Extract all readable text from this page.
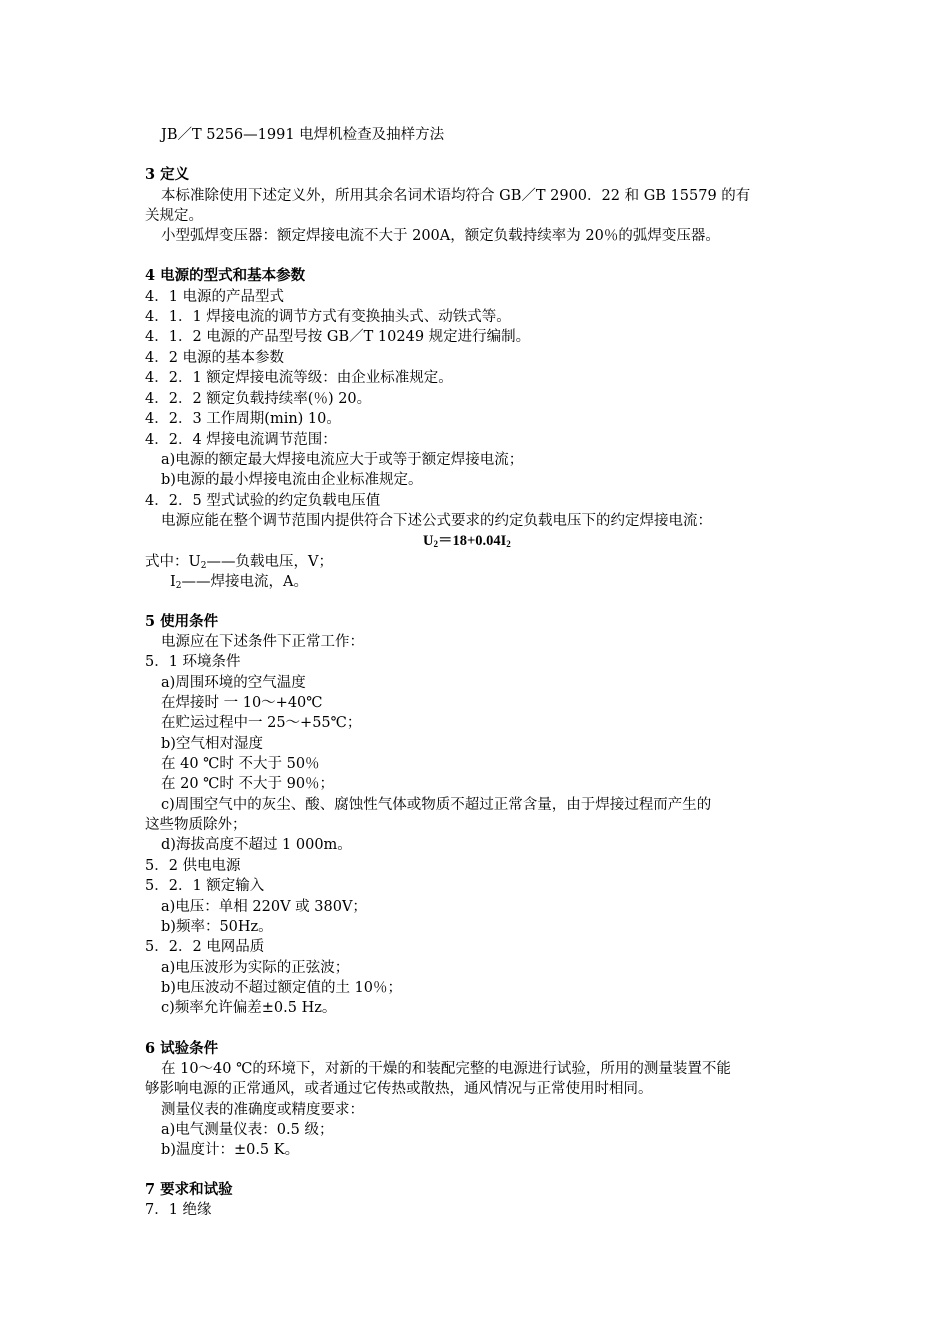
JB／T 5256—1991 电焊机检查及抽样方法
3 定义
本标准除使用下述定义外，所用其余名词术语均符合 GB／T 2900．22 和 GB 15579 的有
关规定。
小型弧焊变压器：额定焊接电流不大于 200A，额定负载持续率为 20％的弧焊变压器。
4 电源的型式和基本参数
4．1 电源的产品型式
4．1．1 焊接电流的调节方式有变换抽头式、动铁式等。
4．1．2 电源的产品型号按 GB／T 10249 规定进行编制。
4．2 电源的基本参数
4．2．1 额定焊接电流等级：由企业标准规定。
4．2．2 额定负载持续率(％) 20。
4．2．3 工作周期(min) 10。
4．2．4 焊接电流调节范围：
a)电源的额定最大焊接电流应大于或等于额定焊接电流；
b)电源的最小焊接电流由企业标准规定。
4．2．5 型式试验的约定负载电压值
电源应能在整个调节范围内提供符合下述公式要求的约定负载电压下的约定焊接电流：
$U_2=18+0.04I_2$
式中：$U_2——$负载电压，V；
$I_2——$焊接电流，A。
5 使用条件
电源应在下述条件下正常工作：
5．1 环境条件
a)周围环境的空气温度
在焊接时 一 10～+40℃
在贮运过程中一 25～+55℃；
b)空气相对湿度
在 40 ℃时 不大于 50％
在 20 ℃时 不大于 90％；
c)周围空气中的灰尘、酸、腐蚀性气体或物质不超过正常含量，由于焊接过程而产生的
这些物质除外；
d)海拔高度不超过 1 000m。
5．2 供电电源
5．2．1 额定输入
a)电压：单相 220V 或 380V；
b)频率：50Hz。
5．2．2 电网品质
a)电压波形为实际的正弦波；
b)电压波动不超过额定值的土 10％；
c)频率允许偏差±0.5 Hz。
6 试验条件
在 10～40 ℃的环境下，对新的干燥的和装配完整的电源进行试验，所用的测量装置不能
够影响电源的正常通风，或者通过它传热或散热，通风情况与正常使用时相同。
测量仪表的准确度或精度要求：
a)电气测量仪表：0.5 级；
b)温度计：±0.5 K。
7 要求和试验
7．1 绝缘
